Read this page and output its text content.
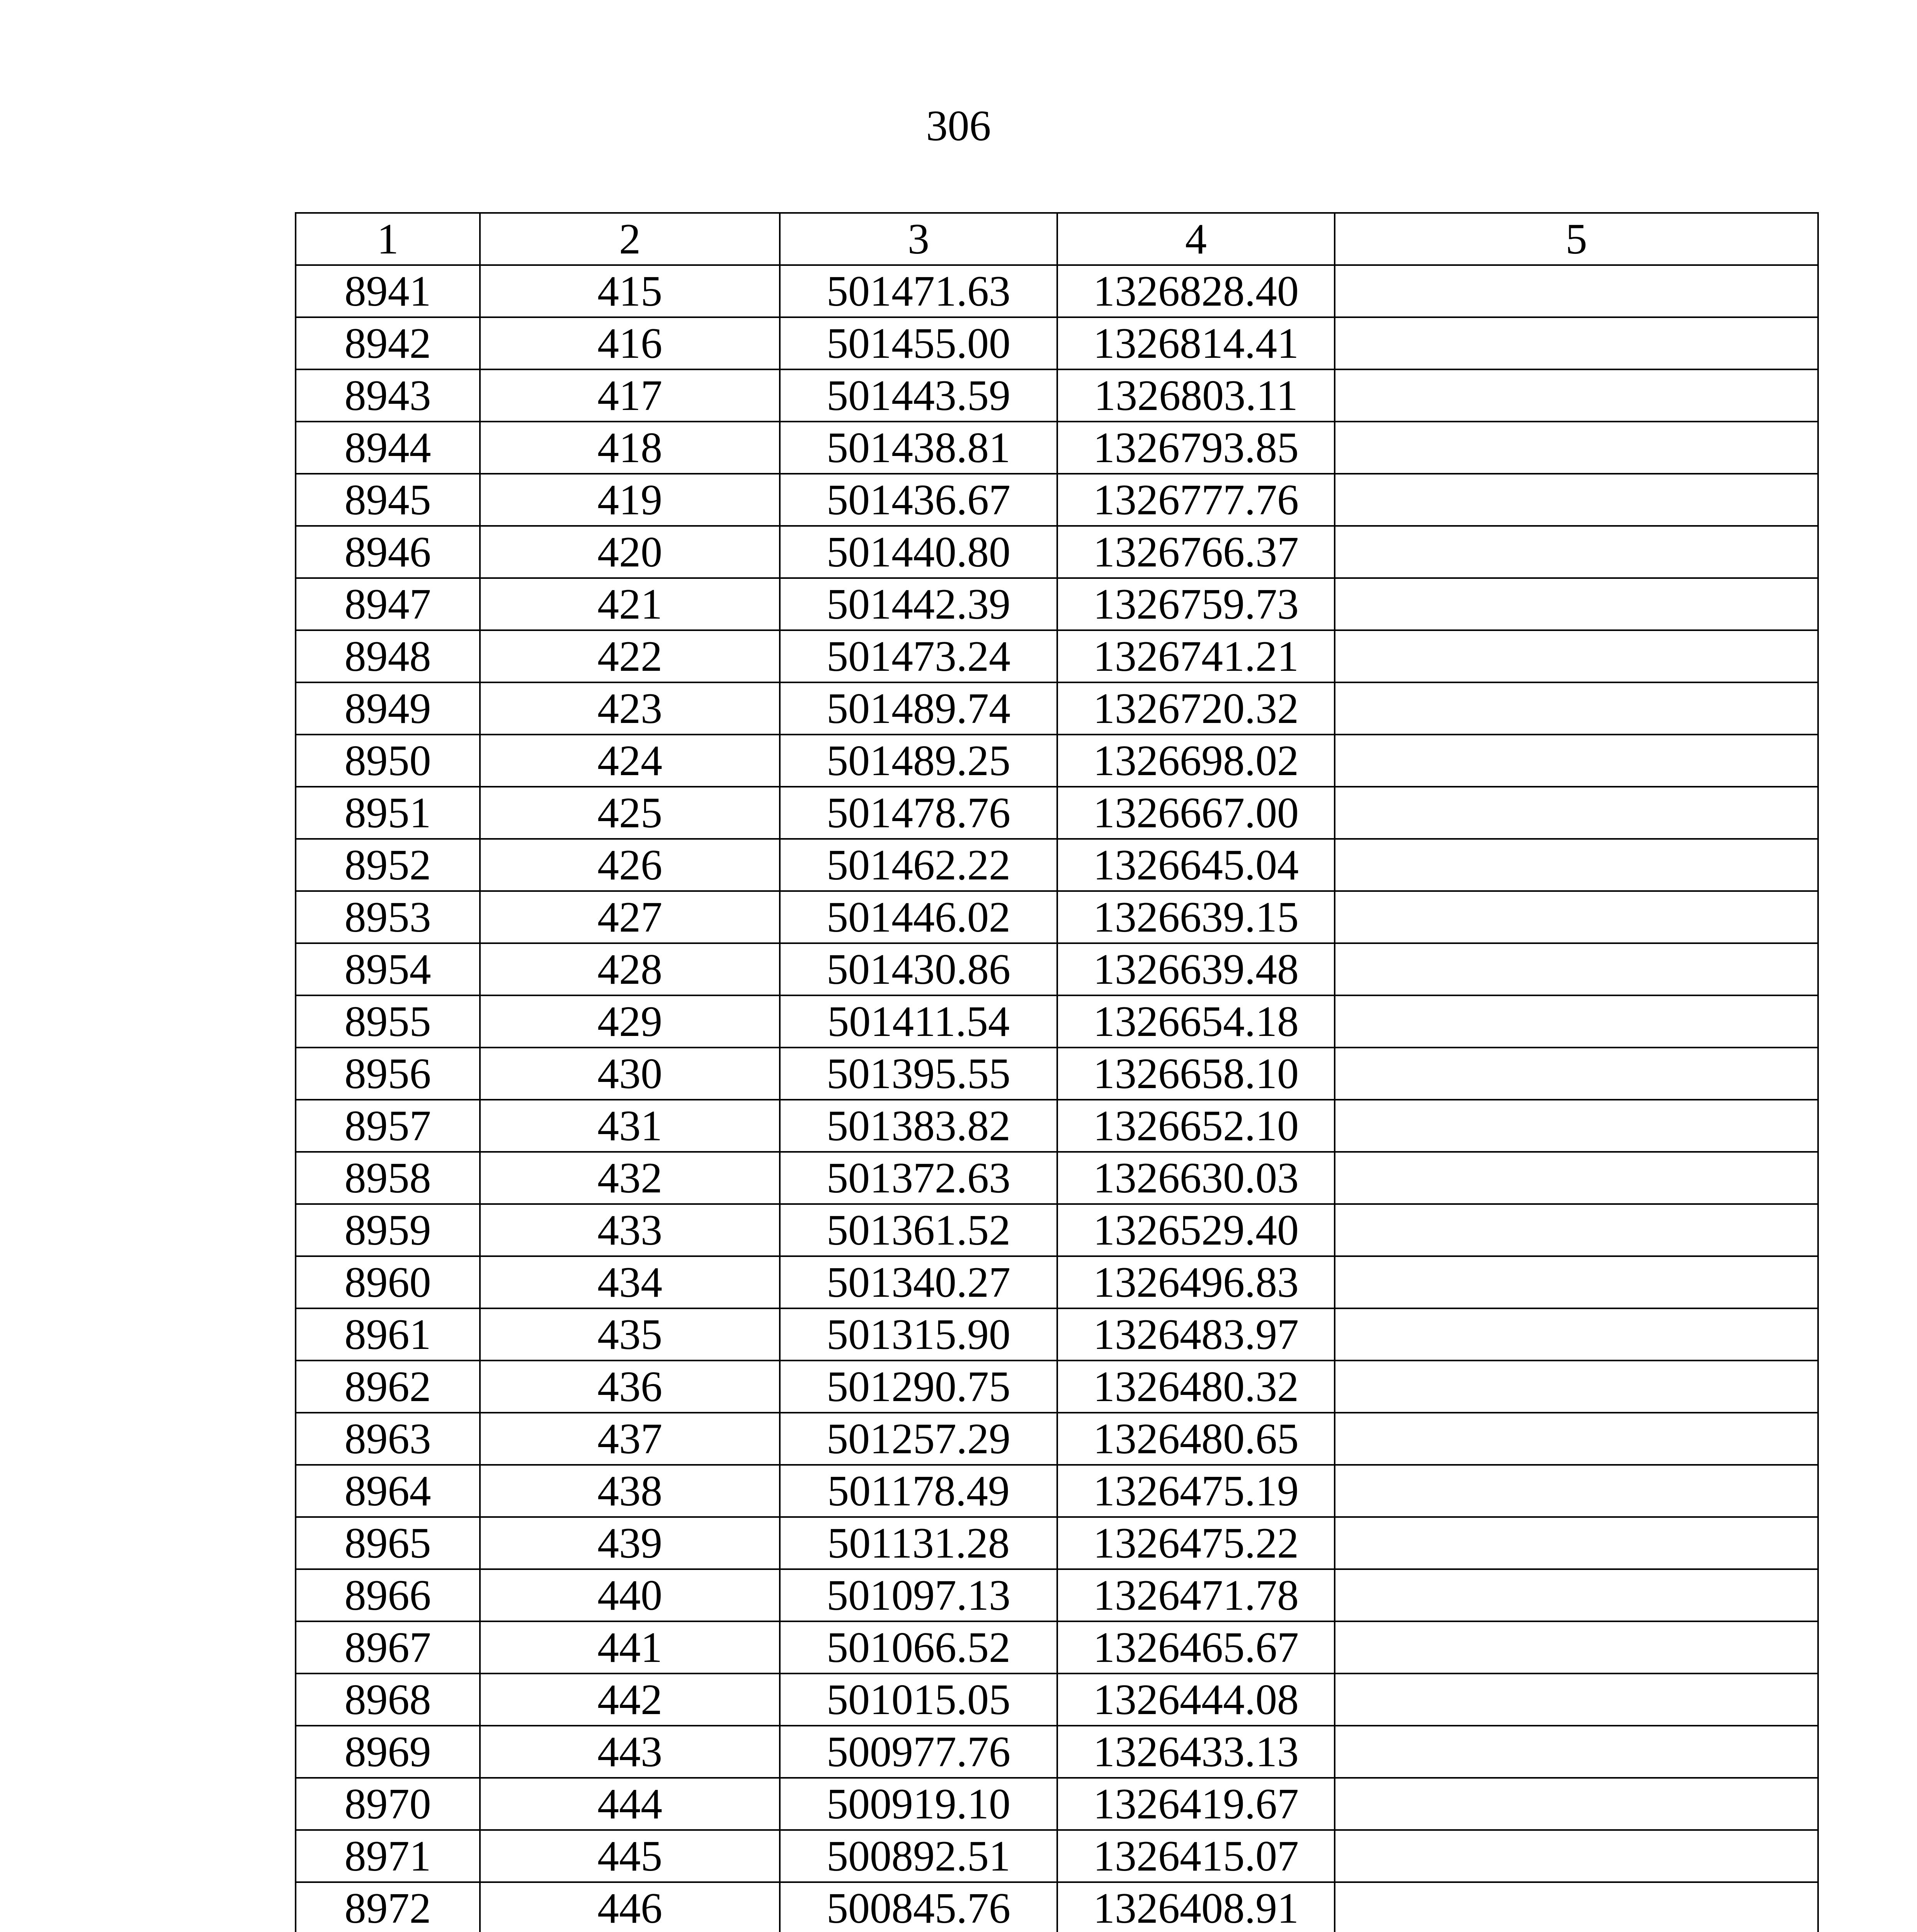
306
1	2	3	4	5
8941	415	501471.63	1326828.40	
8942	416	501455.00	1326814.41	
8943	417	501443.59	1326803.11	
8944	418	501438.81	1326793.85	
8945	419	501436.67	1326777.76	
8946	420	501440.80	1326766.37	
8947	421	501442.39	1326759.73	
8948	422	501473.24	1326741.21	
8949	423	501489.74	1326720.32	
8950	424	501489.25	1326698.02	
8951	425	501478.76	1326667.00	
8952	426	501462.22	1326645.04	
8953	427	501446.02	1326639.15	
8954	428	501430.86	1326639.48	
8955	429	501411.54	1326654.18	
8956	430	501395.55	1326658.10	
8957	431	501383.82	1326652.10	
8958	432	501372.63	1326630.03	
8959	433	501361.52	1326529.40	
8960	434	501340.27	1326496.83	
8961	435	501315.90	1326483.97	
8962	436	501290.75	1326480.32	
8963	437	501257.29	1326480.65	
8964	438	501178.49	1326475.19	
8965	439	501131.28	1326475.22	
8966	440	501097.13	1326471.78	
8967	441	501066.52	1326465.67	
8968	442	501015.05	1326444.08	
8969	443	500977.76	1326433.13	
8970	444	500919.10	1326419.67	
8971	445	500892.51	1326415.07	
8972	446	500845.76	1326408.91	
